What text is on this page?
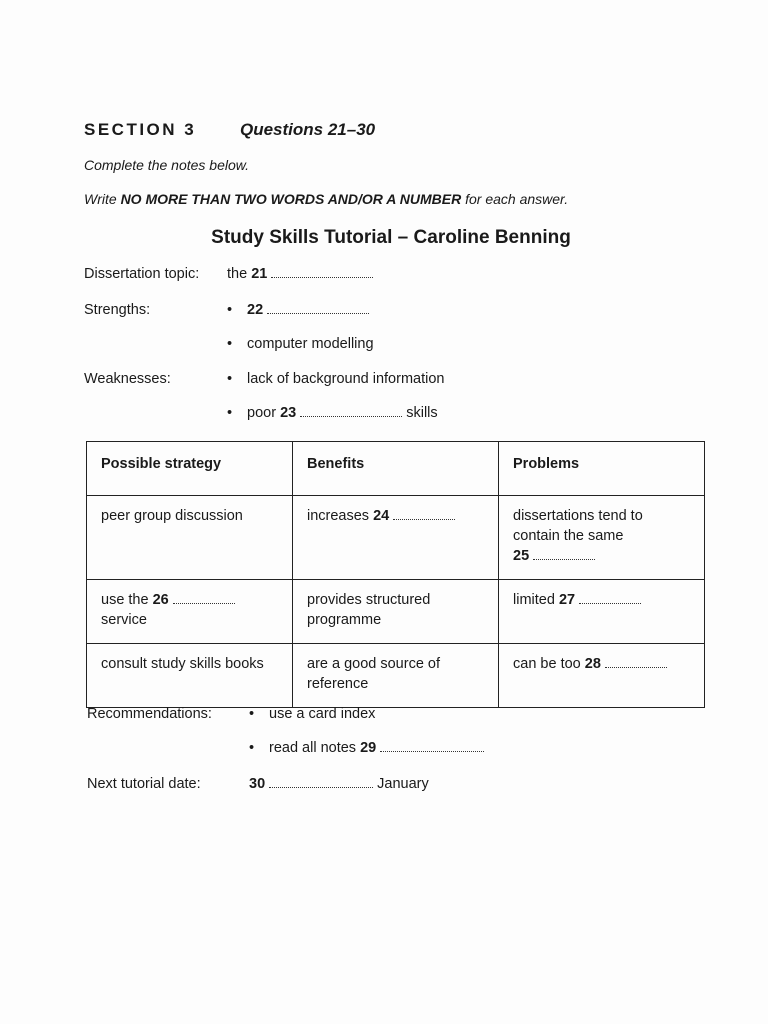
SECTION 3	Questions 21–30
Complete the notes below.
Write NO MORE THAN TWO WORDS AND/OR A NUMBER for each answer.
Study Skills Tutorial – Caroline Benning
Dissertation topic: the 21
Strengths:	• 22
• computer modelling
Weaknesses:	• lack of background information
• poor 23	skills
Possible strategy	Benefits	Problems
peer group discussion	increases 24	dissertations tend to contain the same
25
use the 26
service	provides structured programme	limited 27
consult study skills books	are a good source of reference	can be too 28
Recommendations:	• use a card index
• read all notes 29
Next tutorial date:	30	January
